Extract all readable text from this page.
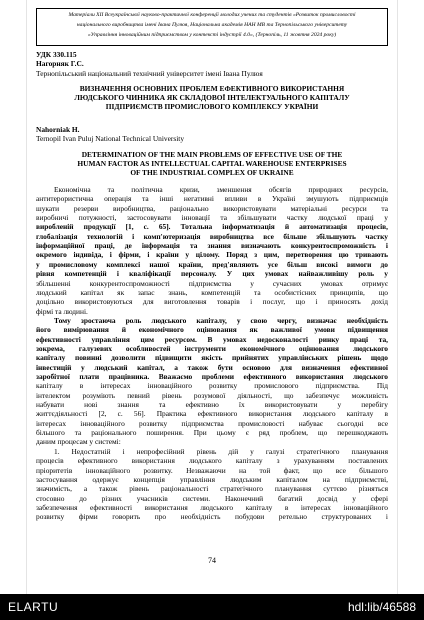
Матеріали XII Всеукраїнської науково-практичної конференції молодих учених та студентів «Розвиток промисловості
національного виробництва імені Івана Пулюя, Національна академія НАН МВ та Тернопільського університету
«Управління інноваційним підприємством у контексті індустрії 4.0», (Тернопіль, 11 жовтня 2024 року)
УДК 330.115
Нагорняк Г.С.
Тернопільський національний технічний університет імені Івана Пулюя
ВИЗНАЧЕННЯ ОСНОВНИХ ПРОБЛЕМ ЕФЕКТИВНОГО ВИКОРИСТАННЯ
ЛЮДСЬКОГО ЧИННИКА ЯК СКЛАДОВОЇ ІНТЕЛЕКТУАЛЬНОГО КАПІТАЛУ
ПІДПРИЄМСТВ ПРОМИСЛОВОГО КОМПЛЕКСУ УКРАЇНИ
Nahorniak H.
Ternopil Ivan Puluj National Technical University
DETERMINATION OF THE MAIN PROBLEMS OF EFFECTIVE USE OF THE
HUMAN FACTOR AS INTELLECTUAL CAPITAL WAREHOUSE ENTERPRISES
OF THE INDUSTRIAL COMPLEX OF UKRAINE
Економічна та політична кризи, зменшення обсягів природних ресурсів,
антитерористична операція та інші негативні впливи в Україні змушують підприємців
шукати резерви виробництва, раціонально використовувати матеріальні ресурси та
виробничі потужності, застосовувати інновації та збільшувати частку людської праці у
виробленій продукції [1, с. 65]. Тотальна інформатизація й автоматизація процесів,
глобалізація технологій і комп'ютеризація виробництва все більше збільшують частку
інформаційної праці, де інформація та знання визначають конкурентоспроможність і
окремого індивіда, і фірми, і країни у цілому. Поряд з цим, перетворення цю тривають
у промисловому комплексі нашої країни, пред'являють усе більш високі вимоги до
рівня компетенцій і кваліфікації персоналу. У цих умовах найважливішу роль у
збільшенні конкурентоспроможності підприємства у сучасних умовах отримує
людський капітал як запас знань, компетенцій та особистісних принципів, що
доцільно використовуються для виготовлення товарів і послуг, що і приносять дохід
фірмі та людині.
Тому зростаюча роль людського капіталу, у свою чергу, визначає необхідність
його вимірювання й економічного оцінювання як важливої умови підвищення
ефективності управління цим ресурсом. В умовах недосконалості ринку праці та,
зокрема, галузевих особливостей інструменти економічного оцінювання людського
капіталу повинні дозволити підвищити якість прийнятих управлінських рішень щодо
інвестицій у людський капітал, а також бути основою для визначення ефективної
заробітної плати працівника. Вважаємо проблеми ефективного використання людського
капіталу в інтересах інноваційного розвитку промислового підприємства. Під
інтелектом розуміють певний рівень розумової діяльності, що забезпечує можливість
набувати нові знання та ефективно їх використовувати у перебігу
життєдіяльності [2, с. 56]. Практика ефективного використання людського капіталу в
інтересах інноваційного розвитку підприємства промисловості набуває сьогодні все
більшого та раціонального поширення. При цьому є ряд проблем, що перешкоджають
даним процесам у системі:
1. Недостатній і непрофесійний рівень дій у галузі стратегічного планування
процесів ефективного використання людського капіталу з урахуванням поставлених
пріоритетів інноваційного розвитку. Незважаючи на той факт, що все більшого
застосування одержує концепція управління людським капіталом на підприємстві,
значимість, а також рівень раціональності стратегічного планування суттєво різняться
стосовно до різних учасників системи. Наконечний багатий досвід у сфері
забезпечення ефективності використання людського капіталу в інтересах інноваційного
розвитку фірми говорить про необхідність побудови ретельно структурованих і
74
ELARTU	hdl:lib/46588
